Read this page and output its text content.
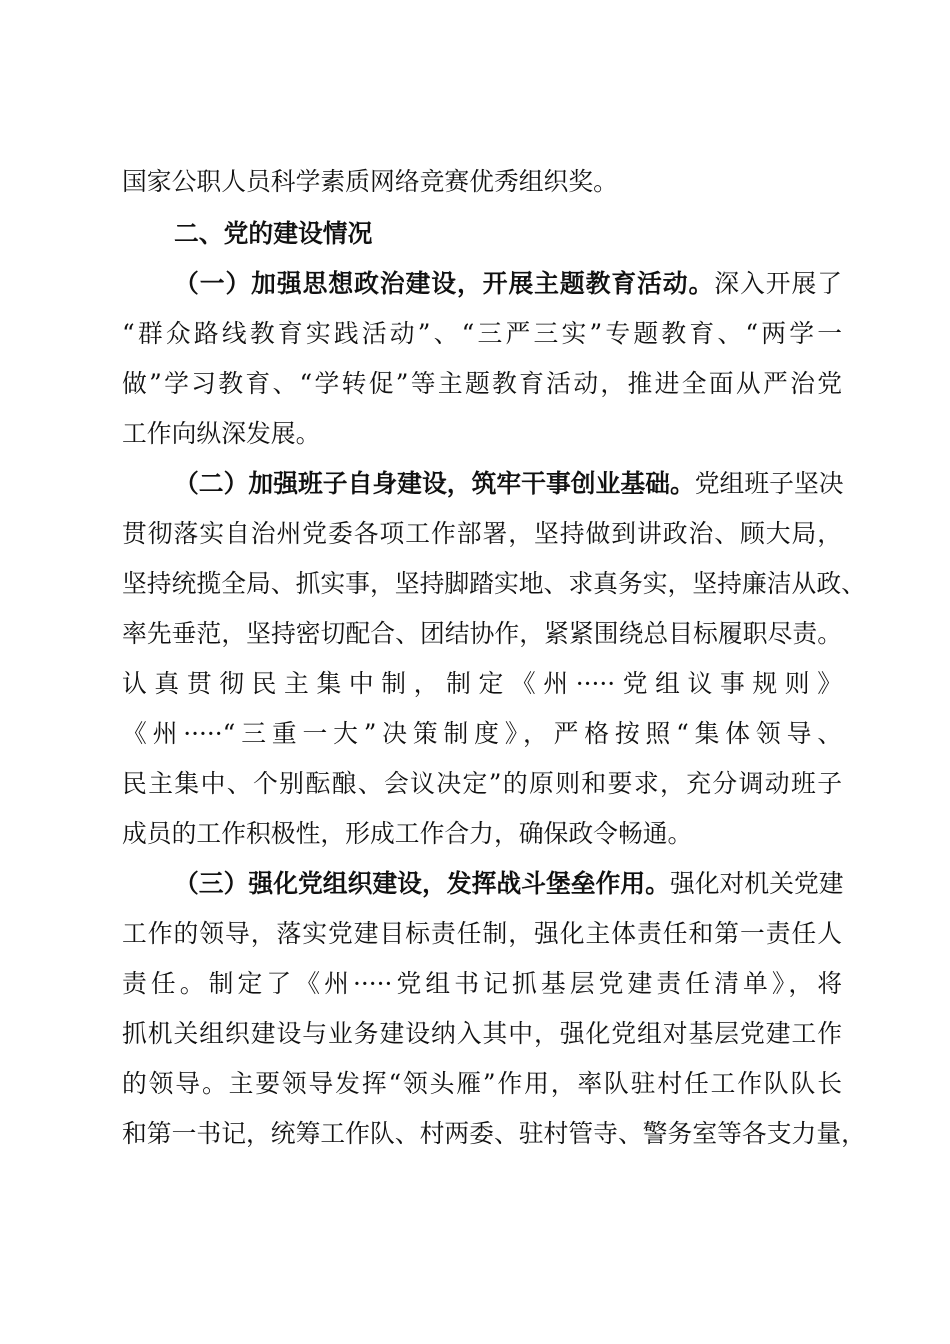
国家公职人员科学素质网络竞赛优秀组织奖。
二、党的建设情况
（一）加强思想政治建设，开展主题教育活动。深入开展了
“群众路线教育实践活动”、“三严三实”专题教育、“两学一
做”学习教育、“学转促”等主题教育活动，推进全面从严治党
工作向纵深发展。
（二）加强班子自身建设，筑牢干事创业基础。党组班子坚决
贯彻落实自治州党委各项工作部署，坚持做到讲政治、顾大局，
坚持统揽全局、抓实事，坚持脚踏实地、求真务实，坚持廉洁从政、
率先垂范，坚持密切配合、团结协作，紧紧围绕总目标履职尽责。
认真贯彻民主集中制，制定《州·····党组议事规则》
《州·····“三重一大”决策制度》，严格按照“集体领导、
民主集中、个别酝酿、会议决定”的原则和要求，充分调动班子
成员的工作积极性，形成工作合力，确保政令畅通。
（三）强化党组织建设，发挥战斗堡垒作用。强化对机关党建
工作的领导，落实党建目标责任制，强化主体责任和第一责任人
责任。制定了《州·····党组书记抓基层党建责任清单》，将
抓机关组织建设与业务建设纳入其中，强化党组对基层党建工作
的领导。主要领导发挥“领头雁”作用，率队驻村任工作队队长
和第一书记，统筹工作队、村两委、驻村管寺、警务室等各支力量，
